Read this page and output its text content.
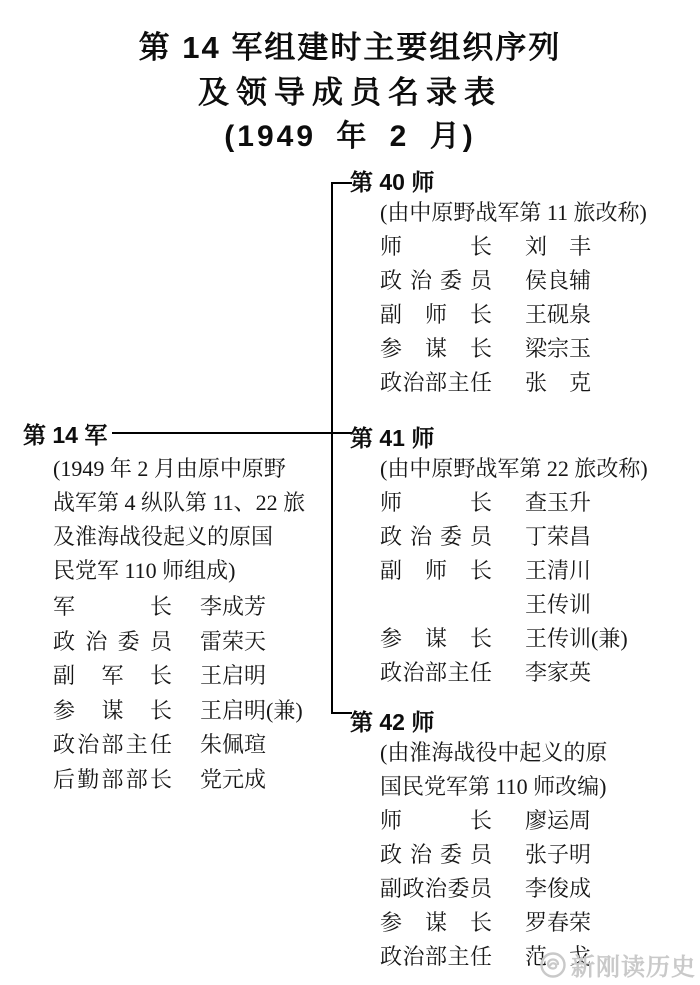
第 14 军组建时主要组织序列
及领导成员名录表
(1949 年 2 月)
第 14 军
(1949 年 2 月由原中原野
战军第 4 纵队第 11、22 旅
及淮海战役起义的原国
民党军 110 师组成)
军长 李成芳
政治委员 雷荣天
副军长 王启明
参谋长 王启明(兼)
政治部主任 朱佩瑄
后勤部部长 党元成
第 40 师
(由中原野战军第 11 旅改称)
师长 刘　丰
政治委员 侯良辅
副师长 王砚泉
参谋长 梁宗玉
政治部主任 张　克
第 41 师
(由中原野战军第 22 旅改称)
师长 查玉升
政治委员 丁荣昌
副师长 王清川
王传训
参谋长 王传训(兼)
政治部主任 李家英
第 42 师
(由淮海战役中起义的原
国民党军第 110 师改编)
师长 廖运周
政治委员 张子明
副政治委员 李俊成
参谋长 罗春荣
政治部主任 范　戈
新刚读历史
